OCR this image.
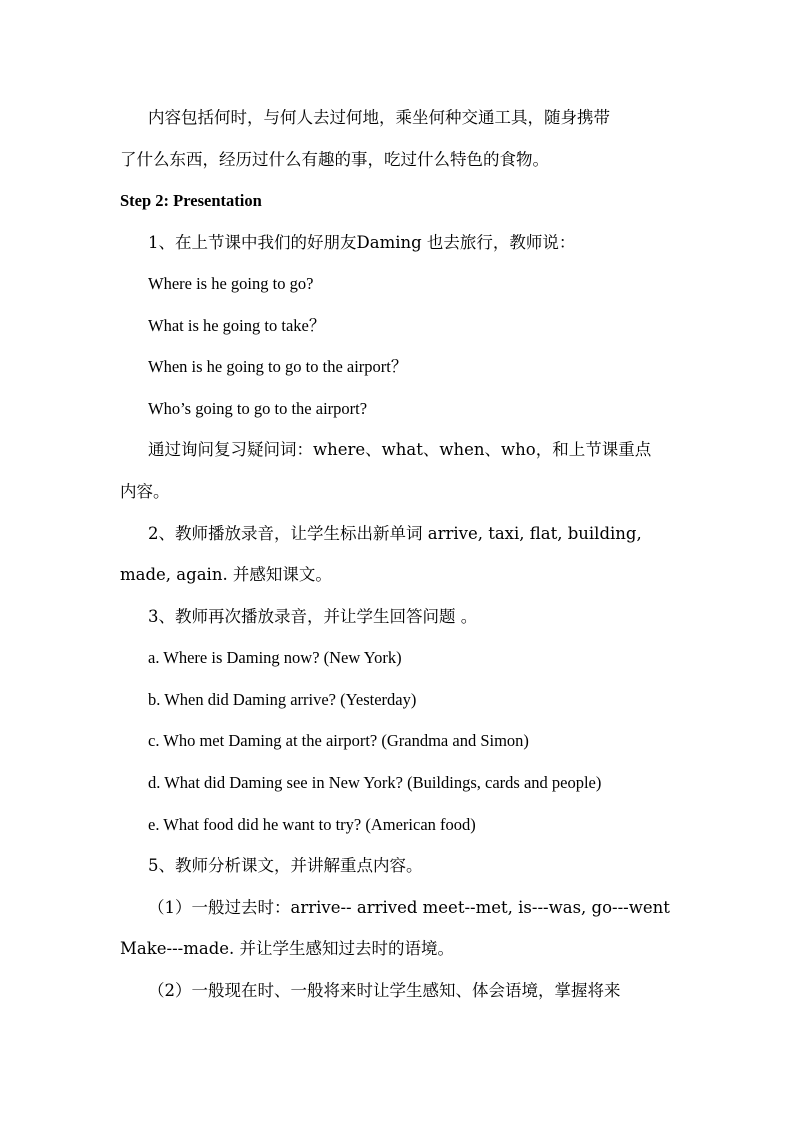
内容包括何时，与何人去过何地，乘坐何种交通工具，随身携带
了什么东西，经历过什么有趣的事，吃过什么特色的食物。
Step 2: Presentation
1、在上节课中我们的好朋友Daming 也去旅行，教师说：
Where is he going to go?
What is he going to take？
When is he going to go to the airport？
Who’s going to go to the airport?
通过询问复习疑问词：where、what、when、who，和上节课重点
内容。
2、教师播放录音，让学生标出新单词 arrive, taxi, flat, building,
made, again. 并感知课文。
3、教师再次播放录音，并让学生回答问题 。
a. Where is Daming now? (New York)
b. When did Daming arrive? (Yesterday)
c. Who met Daming at the airport? (Grandma and Simon)
d. What did Daming see in New York? (Buildings, cards and people)
e. What food did he want to try? (American food)
5、教师分析课文，并讲解重点内容。
（1）一般过去时：arrive-- arrived meet--met, is---was, go---went
Make---made. 并让学生感知过去时的语境。
（2）一般现在时、一般将来时让学生感知、体会语境，掌握将来
